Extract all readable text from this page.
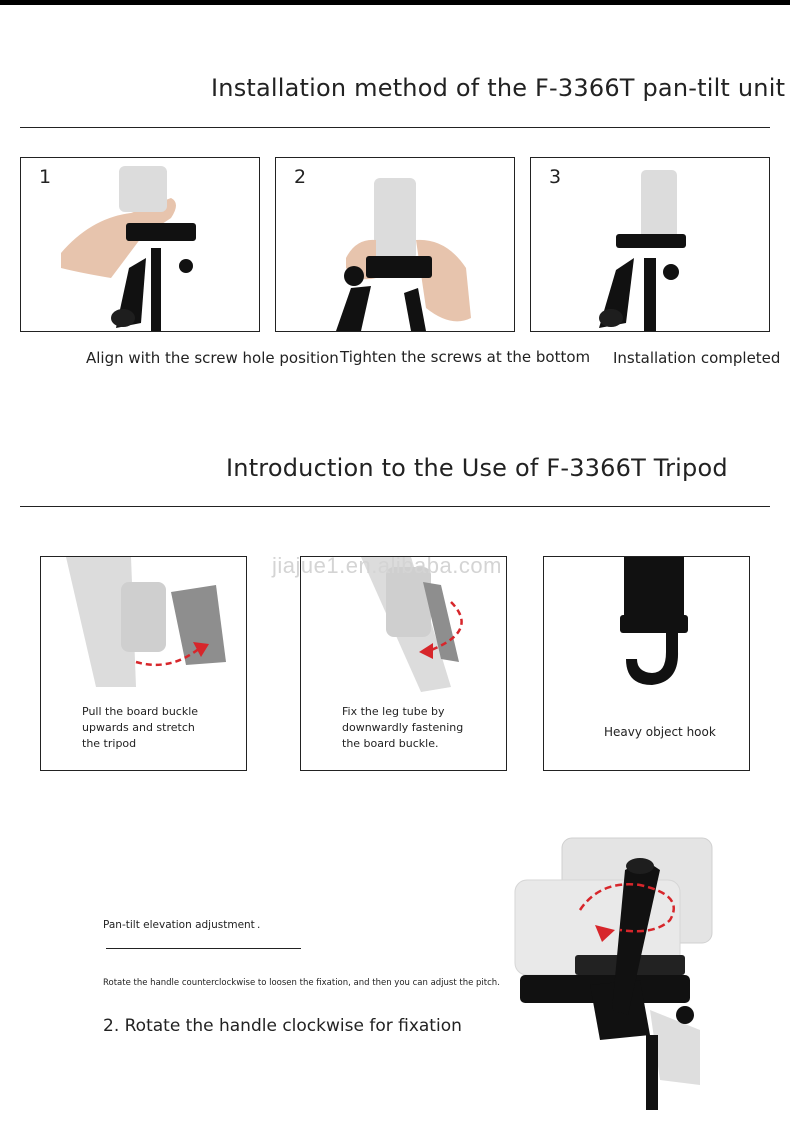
Installation method of the F-3366T pan-tilt unit
1	2	3
Align with the screw hole position Tighten the screws at the bottom Installation completed
Introduction to the Use of F-3366T Tripod
Pull the board buckle
upwards and stretch
the tripod
Fix the leg tube by
downwardly fastening
the board buckle.
Heavy object hook
jiajue1.en.alibaba.com
Pan-tilt elevation adjustment .
Rotate the handle counterclockwise to loosen the fixation, and then you can adjust the pitch.
2. Rotate the handle clockwise for fixation
